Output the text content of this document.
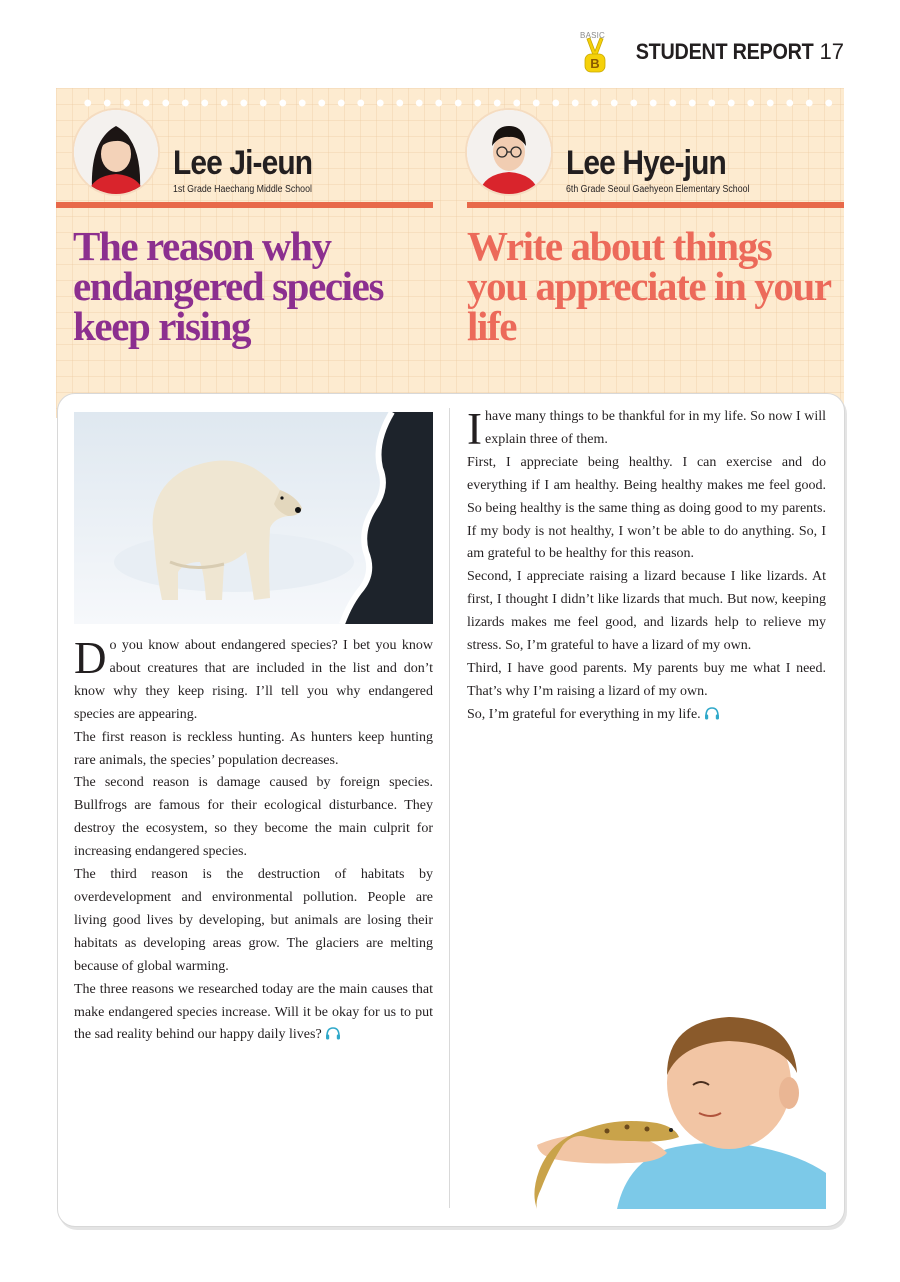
BASIC
B STUDENT REPORT 17
Lee Ji-eun
1st Grade Haechang Middle School
Lee Hye-jun
6th Grade Seoul Gaehyeon Elementary School
The reason why endangered species keep rising
Write about things you appreciate in your life

Do you know about endangered species? I bet you know about creatures that are included in the list and don’t know why they keep rising. I’ll tell you why endangered species are appearing.

The first reason is reckless hunting. As hunters keep hunting rare animals, the species’ population decreases.

The second reason is damage caused by foreign species. Bullfrogs are famous for their ecological disturbance. They destroy the ecosystem, so they become the main culprit for increasing endangered species.

The third reason is the destruction of habitats by overdevelopment and environmental pollution. People are living good lives by developing, but animals are losing their habitats as developing areas grow. The glaciers are melting because of global warming.

The three reasons we researched today are the main causes that make endangered species increase. Will it be okay for us to put the sad reality behind our happy daily lives?

Ihave many things to be thankful for in my life. So now I will explain three of them.

First, I appreciate being healthy. I can exercise and do everything if I am healthy. Being healthy makes me feel good. So being healthy is the same thing as doing good to my parents. If my body is not healthy, I won’t be able to do anything. So, I am grateful to be healthy for this reason.

Second, I appreciate raising a lizard because I like lizards. At first, I thought I didn’t like lizards that much. But now, keeping lizards makes me feel good, and lizards help to relieve my stress. So, I’m grateful to have a lizard of my own.

Third, I have good parents. My parents buy me what I need. That’s why I’m raising a lizard of my own.

So, I’m grateful for everything in my life.
